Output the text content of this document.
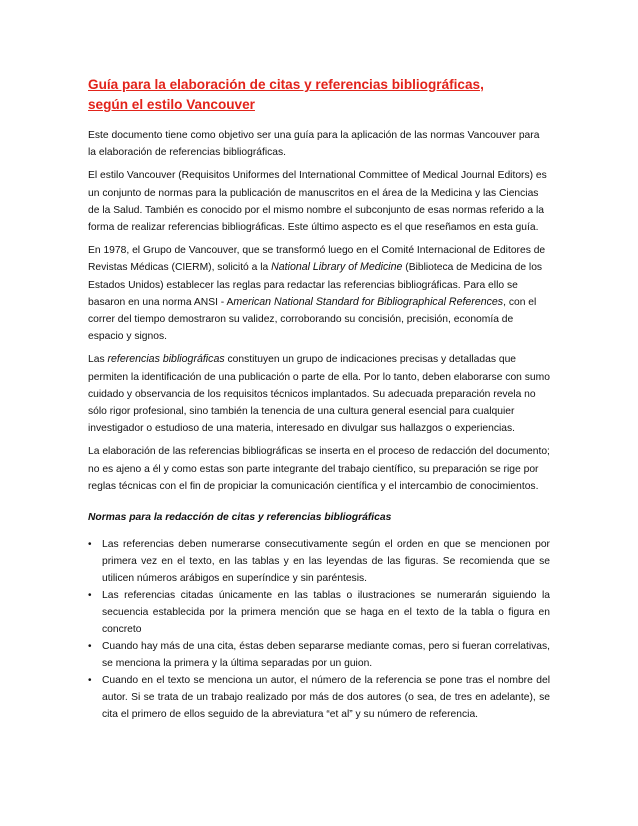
Guía para la elaboración de citas y referencias bibliográficas,
según el estilo Vancouver

Este documento tiene como objetivo ser una guía para la aplicación de las normas Vancouver para la elaboración de referencias bibliográficas.

El estilo Vancouver (Requisitos Uniformes del International Committee of Medical Journal Editors) es un conjunto de normas para la publicación de manuscritos en el área de la Medicina y las Ciencias de la Salud. También es conocido por el mismo nombre el subconjunto de esas normas referido a la forma de realizar referencias bibliográficas. Este último aspecto es el que reseñamos en esta guía.

En 1978, el Grupo de Vancouver, que se transformó luego en el Comité Internacional de Editores de Revistas Médicas (CIERM), solicitó a la National Library of Medicine (Biblioteca de Medicina de los Estados Unidos) establecer las reglas para redactar las referencias bibliográficas. Para ello se basaron en una norma ANSI - American National Standard for Bibliographical References, con el correr del tiempo demostraron su validez, corroborando su concisión, precisión, economía de espacio y signos.

Las referencias bibliográficas constituyen un grupo de indicaciones precisas y detalladas que permiten la identificación de una publicación o parte de ella. Por lo tanto, deben elaborarse con sumo cuidado y observancia de los requisitos técnicos implantados. Su adecuada preparación revela no sólo rigor profesional, sino también la tenencia de una cultura general esencial para cualquier investigador o estudioso de una materia, interesado en divulgar sus hallazgos o experiencias.

La elaboración de las referencias bibliográficas se inserta en el proceso de redacción del documento; no es ajeno a él y como estas son parte integrante del trabajo científico, su preparación se rige por reglas técnicas con el fin de propiciar la comunicación científica y el intercambio de conocimientos.

Normas para la redacción de citas y referencias bibliográficas
• Las referencias deben numerarse consecutivamente según el orden en que se mencionen por primera vez en el texto, en las tablas y en las leyendas de las figuras. Se recomienda que se utilicen números arábigos en superíndice y sin paréntesis.
• Las referencias citadas únicamente en las tablas o ilustraciones se numerarán siguiendo la secuencia establecida por la primera mención que se haga en el texto de la tabla o figura en concreto
• Cuando hay más de una cita, éstas deben separarse mediante comas, pero si fueran correlativas, se menciona la primera y la última separadas por un guion.
• Cuando en el texto se menciona un autor, el número de la referencia se pone tras el nombre del autor. Si se trata de un trabajo realizado por más de dos autores (o sea, de tres en adelante), se cita el primero de ellos seguido de la abreviatura “et al” y su número de referencia.
